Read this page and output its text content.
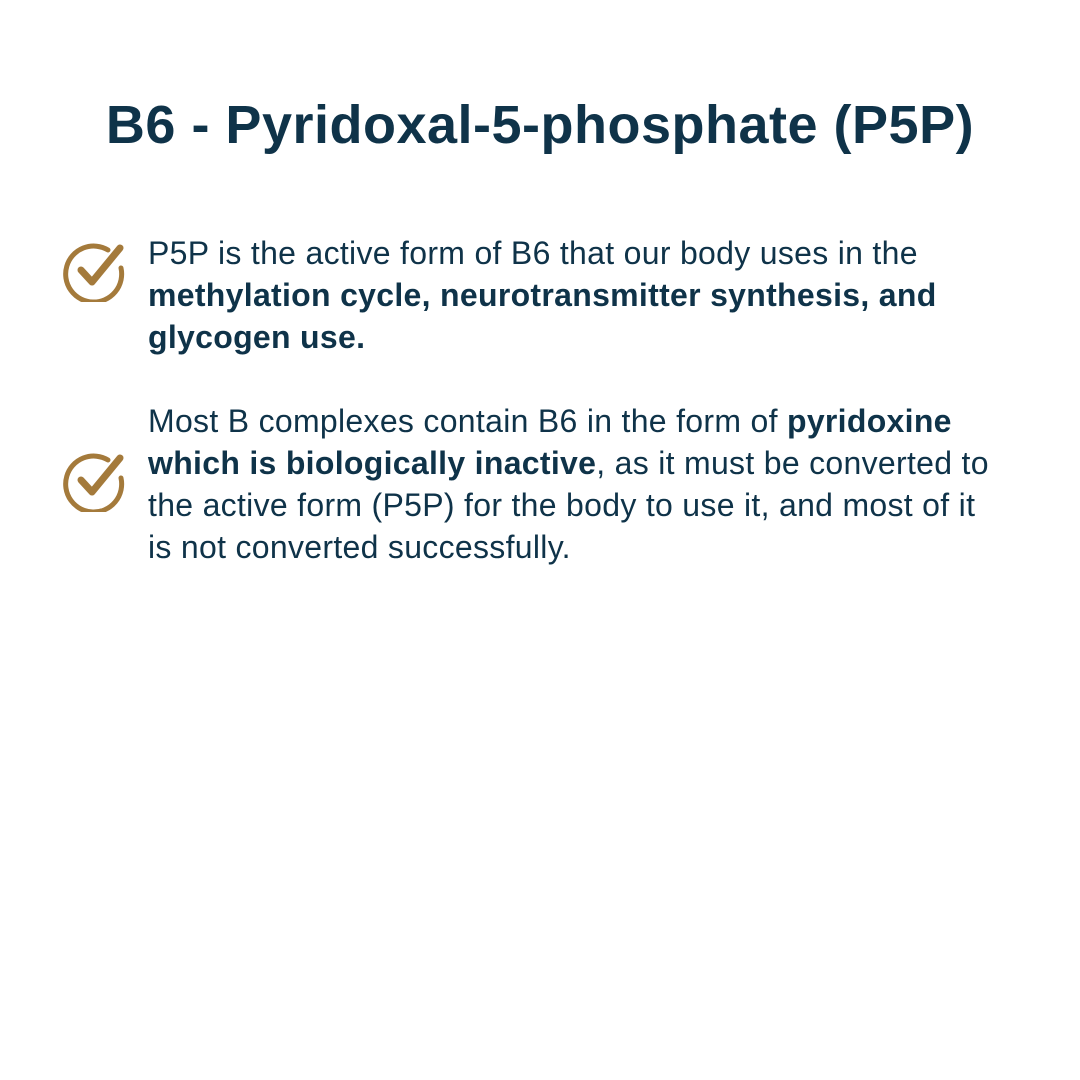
B6 - Pyridoxal-5-phosphate (P5P)

P5P is the active form of B6 that our body uses in the methylation cycle, neurotransmitter synthesis, and glycogen use.

Most B complexes contain B6 in the form of pyridoxine which is biologically inactive, as it must be converted to the active form (P5P) for the body to use it, and most of it is not converted successfully.
